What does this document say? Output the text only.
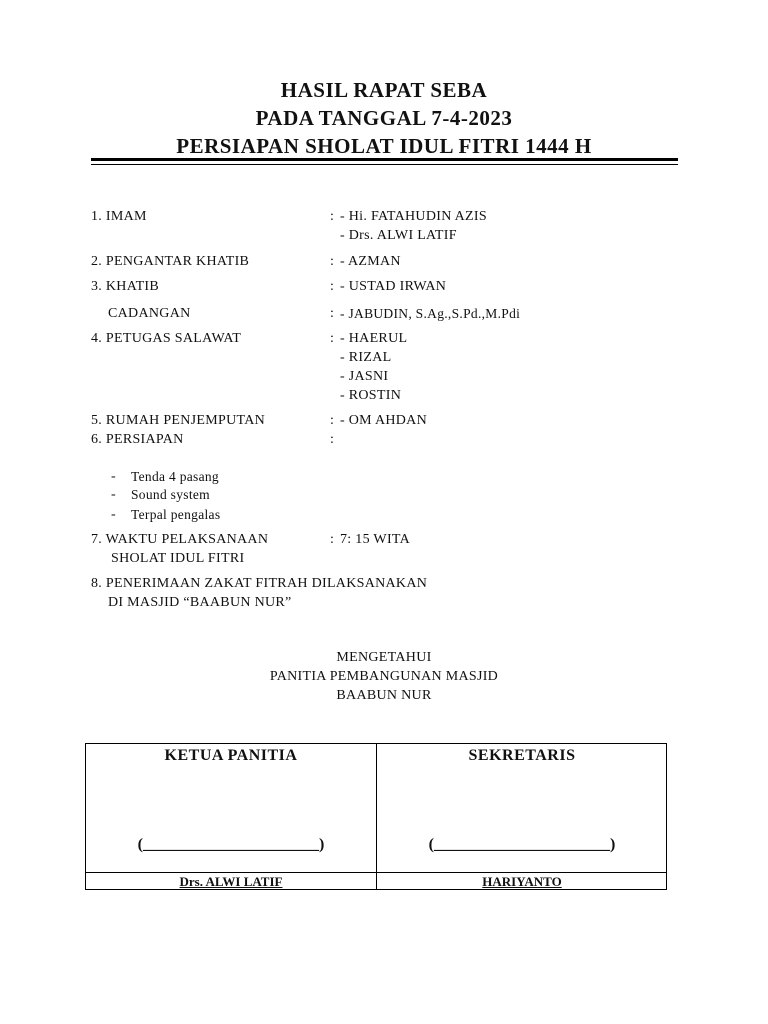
HASIL RAPAT SEBA
PADA TANGGAL 7-4-2023
PERSIAPAN SHOLAT IDUL FITRI 1444 H
1. IMAM	: - Hi. FATAHUDIN AZIS
- Drs. ALWI LATIF
2. PENGANTAR KHATIB	: - AZMAN
3. KHATIB	: - USTAD IRWAN
CADANGAN	: - JABUDIN, S.Ag.,S.Pd.,M.Pdi
4. PETUGAS SALAWAT	: - HAERUL
- RIZAL
- JASNI
- ROSTIN
5. RUMAH PENJEMPUTAN	: - OM AHDAN
6. PERSIAPAN	:
- Tenda 4 pasang
- Sound system
- Terpal pengalas
7. WAKTU PELAKSANAAN	: 7: 15 WITA
SHOLAT IDUL FITRI
8. PENERIMAAN ZAKAT FITRAH DILAKSANAKAN
DI MASJID “BAABUN NUR”
MENGETAHUI
PANITIA PEMBANGUNAN MASJID
BAABUN NUR
KETUA PANITIA
(______________________)
Drs. ALWI LATIF
SEKRETARIS
(______________________)
HARIYANTO
